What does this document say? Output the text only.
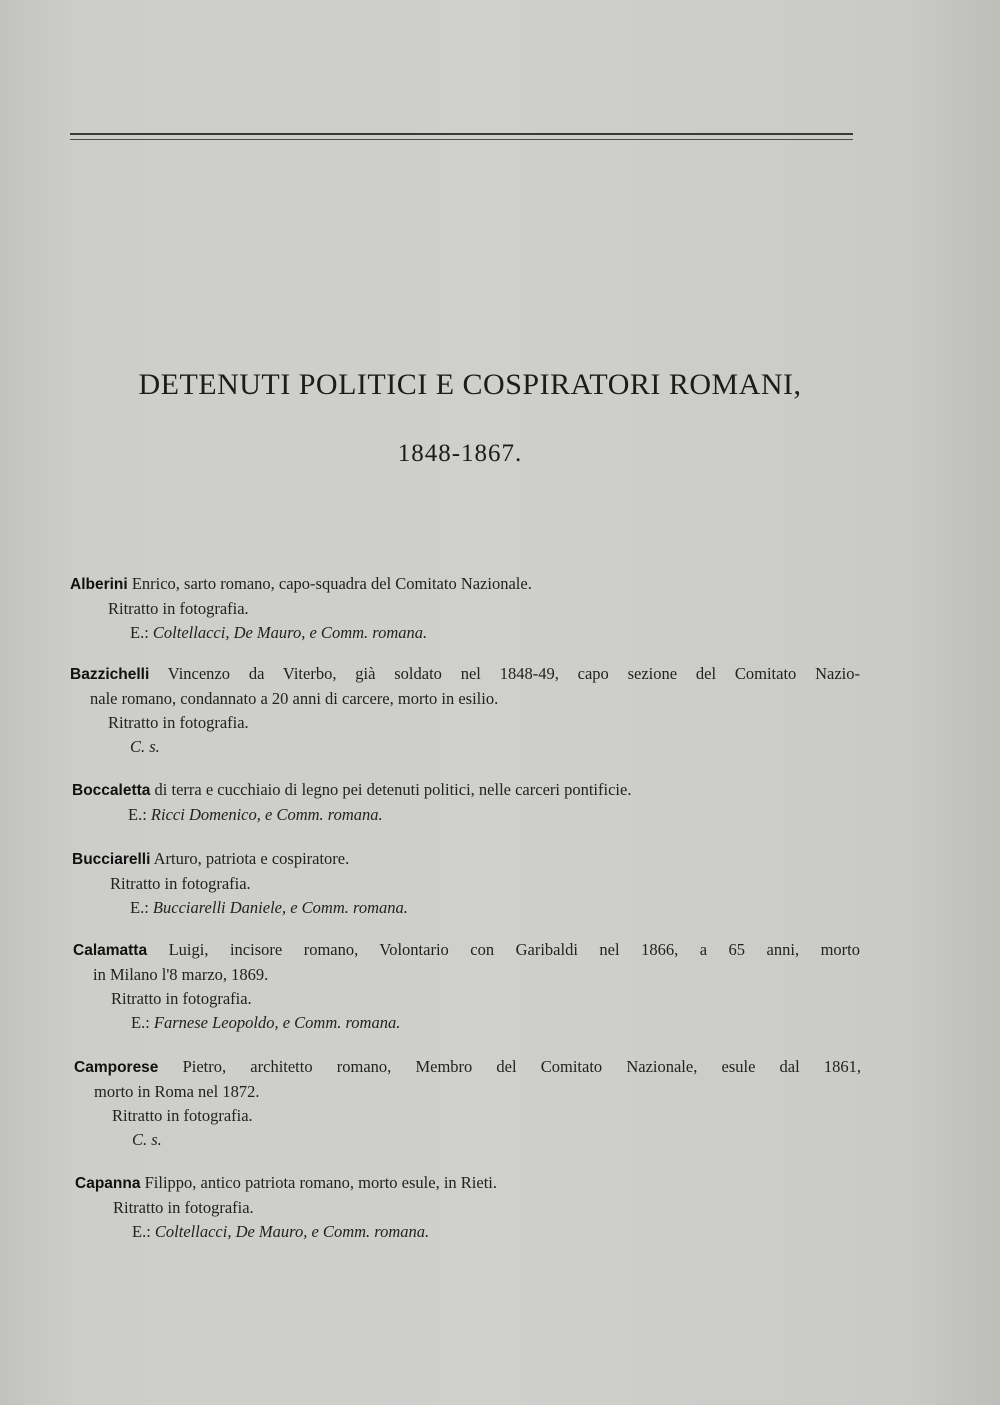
DETENUTI POLITICI E COSPIRATORI ROMANI,
1848-1867.
Alberini Enrico, sarto romano, capo-squadra del Comitato Nazionale.
Ritratto in fotografia.
E.: Coltellacci, De Mauro, e Comm. romana.
Bazzichelli Vincenzo da Viterbo, già soldato nel 1848-49, capo sezione del Comitato Nazio-
nale romano, condannato a 20 anni di carcere, morto in esilio.
Ritratto in fotografia.
C. s.
Boccaletta di terra e cucchiaio di legno pei detenuti politici, nelle carceri pontificie.
E.: Ricci Domenico, e Comm. romana.
Bucciarelli Arturo, patriota e cospiratore.
Ritratto in fotografia.
E.: Bucciarelli Daniele, e Comm. romana.
Calamatta Luigi, incisore romano, Volontario con Garibaldi nel 1866, a 65 anni, morto
in Milano l'8 marzo, 1869.
Ritratto in fotografia.
E.: Farnese Leopoldo, e Comm. romana.
Camporese Pietro, architetto romano, Membro del Comitato Nazionale, esule dal 1861,
morto in Roma nel 1872.
Ritratto in fotografia.
C. s.
Capanna Filippo, antico patriota romano, morto esule, in Rieti.
Ritratto in fotografia.
E.: Coltellacci, De Mauro, e Comm. romana.
